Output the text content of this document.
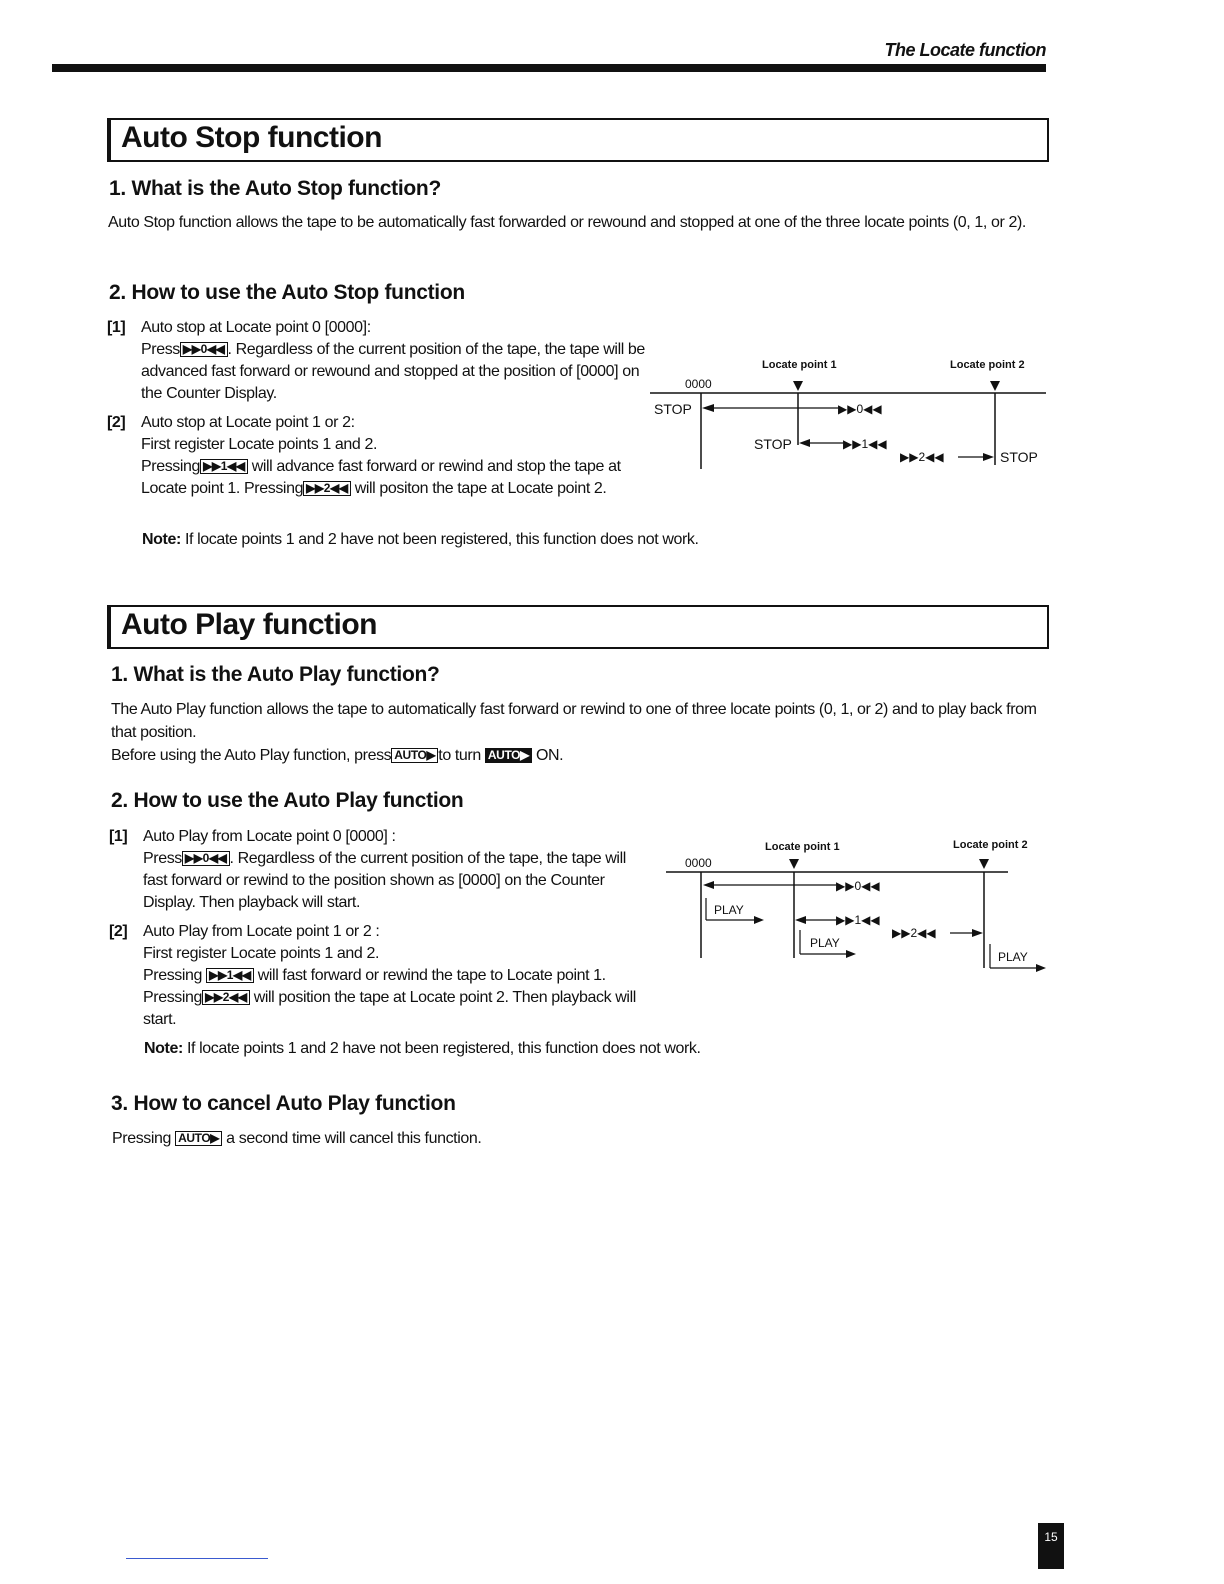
The Locate function
Auto Stop function
1. What is the Auto Stop function?
Auto Stop function allows the tape to be automatically fast forwarded or rewound and stopped at one of the three locate points (0, 1, or 2).
2. How to use the Auto Stop function
[1] Auto stop at Locate point 0 [0000]:
Press ▶▶0◀◀ . Regardless of the current position of the tape, the tape will be advanced fast forward or rewound and stopped at the position of [0000] on the Counter Display.
[2] Auto stop at Locate point 1 or 2:
First register Locate points 1 and 2.
Pressing ▶▶1◀◀ will advance fast forward or rewind and stop the tape at Locate point 1. Pressing ▶▶2◀◀ will positon the tape at Locate point 2.
Note: If locate points 1 and 2 have not been registered, this function does not work.
Locate point 1	Locate point 2
0000
STOP	▶▶0◀◀
STOP	▶▶1◀◀
▶▶2◀◀	STOP
Auto Play function
1. What is the Auto Play function?
The Auto Play function allows the tape to automatically fast forward or rewind to one of three locate points (0, 1, or 2) and to play back from that position.
Before using the Auto Play function, press AUTO▶ to turn AUTO▶ ON.
2. How to use the Auto Play function
[1] Auto Play from Locate point 0 [0000] :
Press ▶▶0◀◀ . Regardless of the current position of the tape, the tape will fast forward or rewind to the position shown as [0000] on the Counter Display. Then playback will start.
[2] Auto Play from Locate point 1 or 2 :
First register Locate points 1 and 2.
Pressing ▶▶1◀◀ will fast forward or rewind the tape to Locate point 1. Pressing ▶▶2◀◀ will position the tape at Locate point 2. Then playback will start.
Note: If locate points 1 and 2 have not been registered, this function does not work.
Locate point 1	Locate point 2
0000
▶▶0◀◀
PLAY
▶▶1◀◀
PLAY
▶▶2◀◀
PLAY
3. How to cancel Auto Play function
Pressing AUTO▶ a second time will cancel this function.
15
